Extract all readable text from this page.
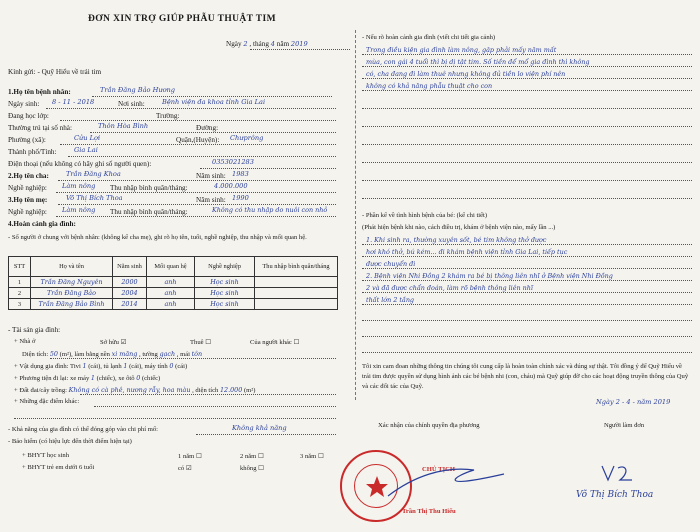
ĐƠN XIN TRỢ GIÚP PHẪU THUẬT TIM
Ngày 2 , tháng 4 năm 2019
Kính gửi: - Quỹ Hiểu về trái tim
1.Họ tên bệnh nhân:	Trần Đăng Bảo Hương
Ngày sinh: 8 - 11 - 2018	Nơi sinh:	Bệnh viện đa khoa tỉnh Gia Lai
Đang học lớp:	Trường:
Thường trú tại số nhà:	Thôn Hòa Bình	Đường:
Phường (xã):	Cửu Lợi	Quận,(Huyện): Chưprông
Thành phố/Tỉnh:	Gia Lai
Điện thoại (nếu không có hãy ghi số người quen):	0353021283
2.Họ tên cha:	Trần Đăng Khoa	Năm sinh: 1983
Nghề nghiệp: Làm nông Thu nhập bình quân/tháng:	4.000.000
3.Họ tên mẹ:	Võ Thị Bích Thoa	Năm sinh: 1990
Nghề nghiệp: Làm nông Thu nhập bình quân/tháng:	Không có thu nhập do nuôi con nhỏ
4.Hoàn cảnh gia đình:
- Số người ở chung với bệnh nhân: (không kể cha mẹ), ghi rõ họ tên, tuổi, nghề nghiệp, thu nhập và mối quan hệ.
STT	Họ và tên	Năm sinh	Mối quan hệ	Nghề nghiệp	Thu nhập bình quân/tháng
1	Trần Đăng Nguyên	2000	anh	Học sinh	
2	Trần Đăng Bảo	2004	anh	Học sinh	
3	Trần Đăng Bảo Bình	2014	anh	Học sinh	
- Tài sản gia đình:
+ Nhà ở	Sở hữu ☑	Thuê ☐	Của người khác ☐
Diện tích: 50 (m²), làm bằng nền xi măng , tường gạch , mái tôn
+ Vật dụng gia đình: Tivi 1 (cái), tủ lạnh 1 (cái), máy tính 0 (cái)
+ Phương tiện đi lại: xe máy 1 (chiếc), xe ôtô 0 (chiếc)
+ Đất đai/cây trồng: Không có cà phê, nương rẫy, hoa màu , diện tích 12.000 (m²)
+ Những đặc điểm khác:
- Khả năng của gia đình có thể đóng góp vào chi phí mổ:	Không khả năng
- Bảo hiểm (có hiệu lực đến thời điểm hiện tại)
+ BHYT học sinh	1 năm ☐	2 năm ☐	3 năm ☐
+ BHYT trẻ em dưới 6 tuổi	có ☑	không ☐
- Nếu rõ hoàn cảnh gia đình (viết chi tiết gia cảnh)
Trong điều kiện gia đình làm nông, gặp phải mấy năm mất
mùa, con gái 4 tuổi thì bị dị tật tim. Số tiền để mổ gia đình thì không
có, cha đang đi làm thuê nhưng không đủ tiền lo viện phí nên
không có khả năng phẫu thuật cho con
- Phần kể về tình hình bệnh của bé: (kể chi tiết)
(Phát hiện bệnh khi nào, cách điều trị, khám ở bệnh viện nào, mấy lần ...)
1. Khi sinh ra, thường xuyên sốt, bé tim không thở được
hơi khó thở, bú kém... đi khám bệnh viện tỉnh Gia Lai, tiếp tục
được chuyển đi
2. Bệnh viện Nhi Đồng 2 khám ra bé bị thông liên nhĩ ở Bệnh viện Nhi Đồng
2 và đã được chẩn đoán, làm rõ bệnh thông liên nhĩ
thất lớn 2 tầng
Tôi xin cam đoan những thông tin chúng tôi cung cấp là hoàn toàn chính xác và đúng sự thật. Tôi đồng ý để Quỹ Hiểu về trái tim được quyền sử dụng hình ảnh các bé bệnh nhi (con, cháu) mà Quỹ giúp đỡ cho các hoạt động truyền thông của Quỹ và các đối tác của Quỹ.
Ngày 2 - 4 - năm 2019
Xác nhận của chính quyền địa phương	Người làm đơn
CHỦ TỊCH
Trần Thị Thu Hiếu
Võ Thị Bích Thoa
